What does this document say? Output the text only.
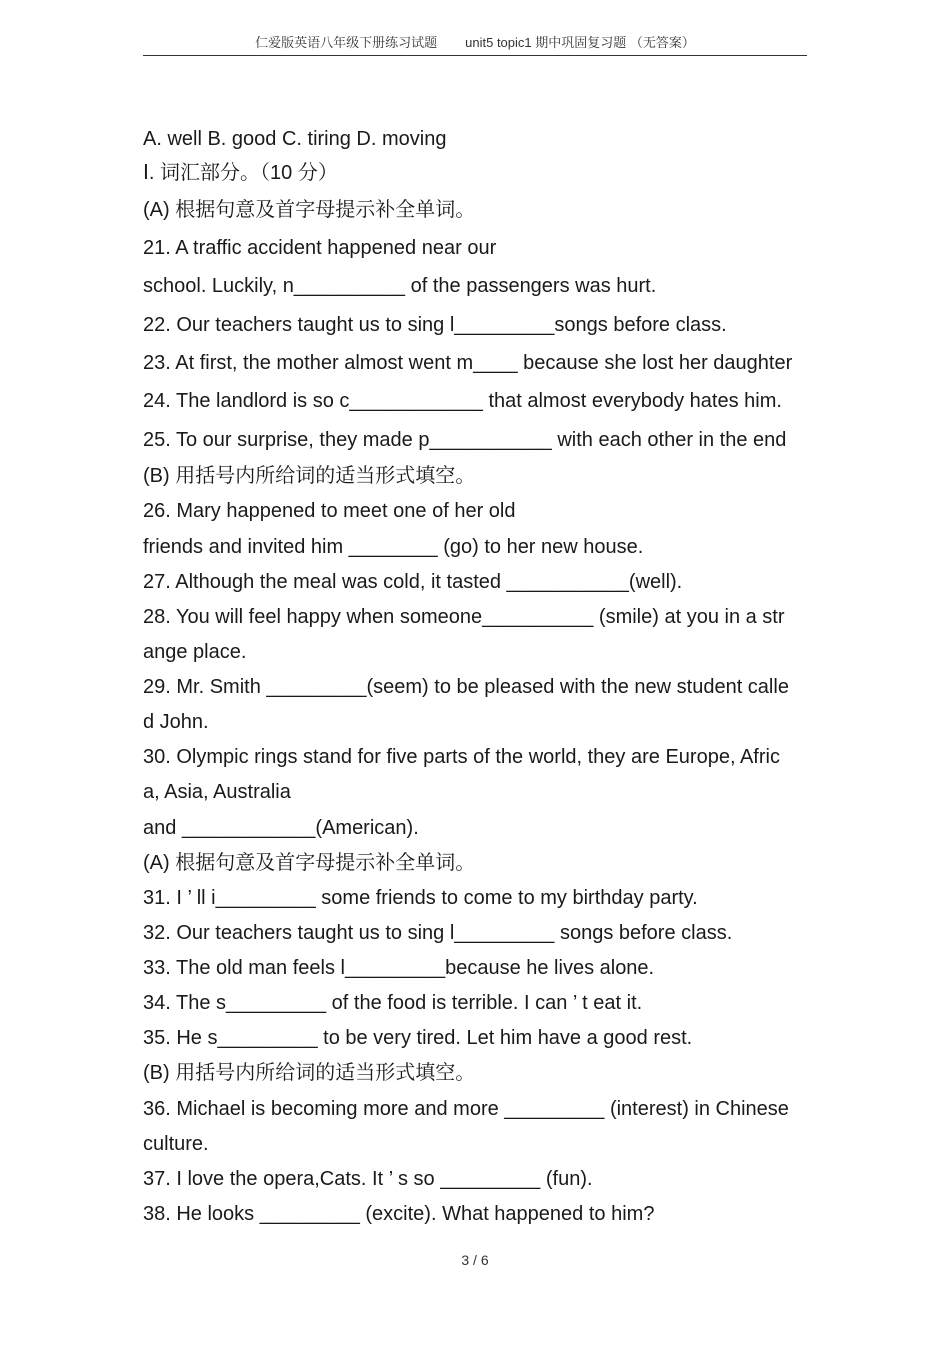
仁爱版英语八年级下册练习试题 unit5 topic1 期中巩固复习题 （无答案）
A. well B. good C. tiring D. moving
Ⅰ. 词汇部分。（10 分）
(A) 根据句意及首字母提示补全单词。
21. A traffic accident happened near our
school. Luckily, n__________ of the passengers was hurt.
22. Our teachers taught us to sing l_________songs before class.
23. At first, the mother almost went m____ because she lost her daughter
24. The landlord is so c____________ that almost everybody hates him.
25. To our surprise, they made p___________ with each other in the end
(B) 用括号内所给词的适当形式填空。
26. Mary happened to meet one of her old
friends and invited him ________ (go) to her new house.
27. Although the meal was cold, it tasted ___________(well).
28. You will feel happy when someone__________ (smile) at you in a str
ange place.
29. Mr. Smith _________(seem) to be pleased with the new student calle
d John.
30. Olympic rings stand for five parts of the world, they are Europe, Afric
a, Asia, Australia
and ____________(American).
(A) 根据句意及首字母提示补全单词。
31. I ’ ll i_________ some friends to come to my birthday party.
32. Our teachers taught us to sing l_________ songs before class.
33. The old man feels l_________because he lives alone.
34. The s_________ of the food is terrible. I can ’ t eat it.
35. He s_________ to be very tired. Let him have a good rest.
(B) 用括号内所给词的适当形式填空。
36. Michael is becoming more and more _________ (interest) in Chinese
culture.
37. I love the opera,Cats. It ’ s so _________ (fun).
38. He looks _________ (excite). What happened to him?
3 / 6
